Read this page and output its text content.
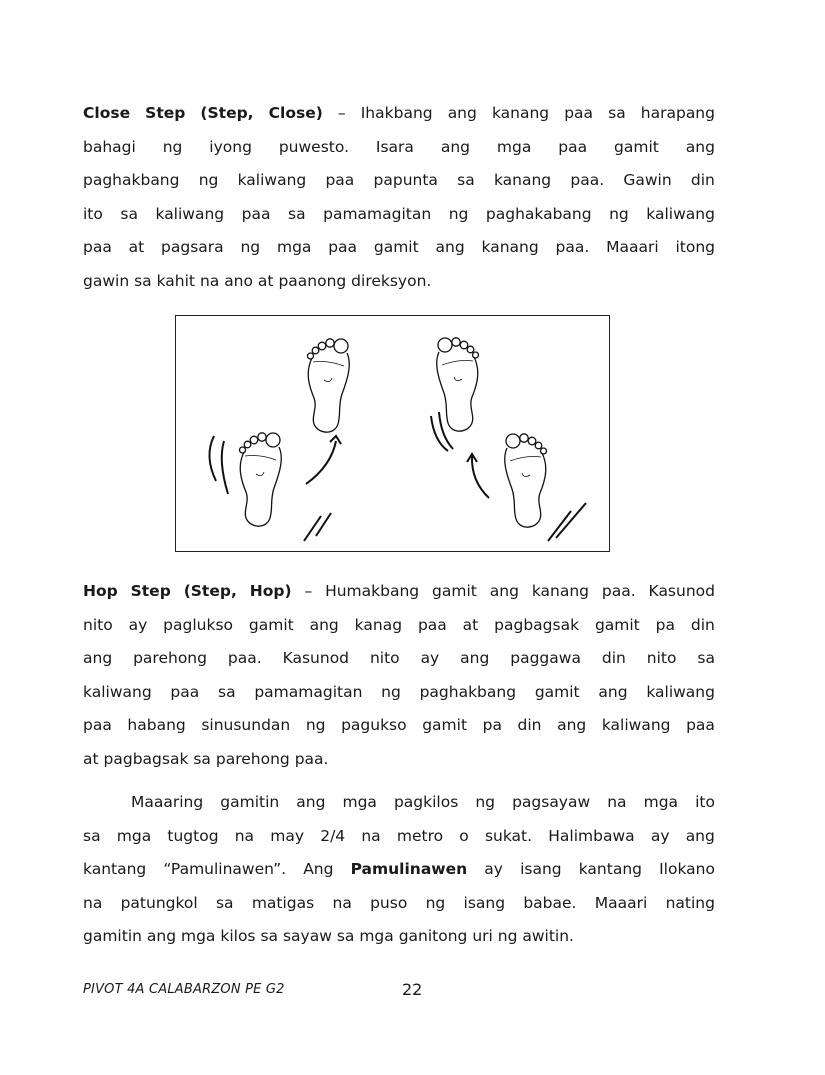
Close Step (Step, Close) – Ihakbang ang kanang paa sa harapang
bahagi ng iyong puwesto. Isara ang mga paa gamit ang
paghakbang ng kaliwang paa papunta sa kanang paa. Gawin din
ito sa kaliwang paa sa pamamagitan ng paghakabang ng kaliwang
paa at pagsara ng mga paa gamit ang kanang paa. Maaari itong
gawin sa kahit na ano at paanong direksyon.
Hop Step (Step, Hop) – Humakbang gamit ang kanang paa. Kasunod
nito ay paglukso gamit ang kanag paa at pagbagsak gamit pa din
ang parehong paa. Kasunod nito ay ang paggawa din nito sa
kaliwang paa sa pamamagitan ng paghakbang gamit ang kaliwang
paa habang sinusundan ng pagukso gamit pa din ang kaliwang paa
at pagbagsak sa parehong paa.
Maaaring gamitin ang mga pagkilos ng pagsayaw na mga ito
sa mga tugtog na may 2/4 na metro o sukat. Halimbawa ay ang
kantang “Pamulinawen”. Ang Pamulinawen ay isang kantang Ilokano
na patungkol sa matigas na puso ng isang babae. Maaari nating
gamitin ang mga kilos sa sayaw sa mga ganitong uri ng awitin.
PIVOT 4A CALABARZON PE G2	22
